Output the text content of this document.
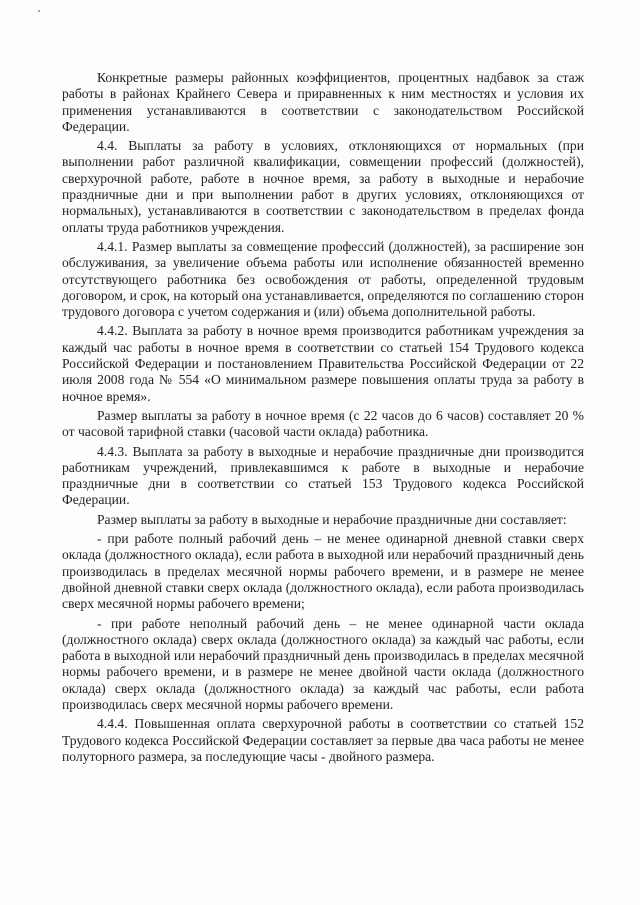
Конкретные размеры районных коэффициентов, процентных надбавок за стаж работы в районах Крайнего Севера и приравненных к ним местностях и условия их применения устанавливаются в соответствии с законодательством Российской Федерации.

4.4. Выплаты за работу в условиях, отклоняющихся от нормальных (при выполнении работ различной квалификации, совмещении профессий (должностей), сверхурочной работе, работе в ночное время, за работу в выходные и нерабочие праздничные дни и при выполнении работ в других условиях, отклоняющихся от нормальных), устанавливаются в соответствии с законодательством в пределах фонда оплаты труда работников учреждения.

4.4.1. Размер выплаты за совмещение профессий (должностей), за расширение зон обслуживания, за увеличение объема работы или исполнение обязанностей временно отсутствующего работника без освобождения от работы, определенной трудовым договором, и срок, на который она устанавливается, определяются по соглашению сторон трудового договора с учетом содержания и (или) объема дополнительной работы.

4.4.2. Выплата за работу в ночное время производится работникам учреждения за каждый час работы в ночное время в соответствии со статьей 154 Трудового кодекса Российской Федерации и постановлением Правительства Российской Федерации от 22 июля 2008 года № 554 «О минимальном размере повышения оплаты труда за работу в ночное время».

Размер выплаты за работу в ночное время (с 22 часов до 6 часов) составляет 20 % от часовой тарифной ставки (часовой части оклада) работника.

4.4.3. Выплата за работу в выходные и нерабочие праздничные дни производится работникам учреждений, привлекавшимся к работе в выходные и нерабочие праздничные дни в соответствии со статьей 153 Трудового кодекса Российской Федерации.

Размер выплаты за работу в выходные и нерабочие праздничные дни составляет:

- при работе полный рабочий день – не менее одинарной дневной ставки сверх оклада (должностного оклада), если работа в выходной или нерабочий праздничный день производилась в пределах месячной нормы рабочего времени, и в размере не менее двойной дневной ставки сверх оклада (должностного оклада), если работа производилась сверх месячной нормы рабочего времени;

- при работе неполный рабочий день – не менее одинарной части оклада (должностного оклада) сверх оклада (должностного оклада) за каждый час работы, если работа в выходной или нерабочий праздничный день производилась в пределах месячной нормы рабочего времени, и в размере не менее двойной части оклада (должностного оклада) сверх оклада (должностного оклада) за каждый час работы, если работа производилась сверх месячной нормы рабочего времени.

4.4.4. Повышенная оплата сверхурочной работы в соответствии со статьей 152 Трудового кодекса Российской Федерации составляет за первые два часа работы не менее полуторного размера, за последующие часы - двойного размера.
